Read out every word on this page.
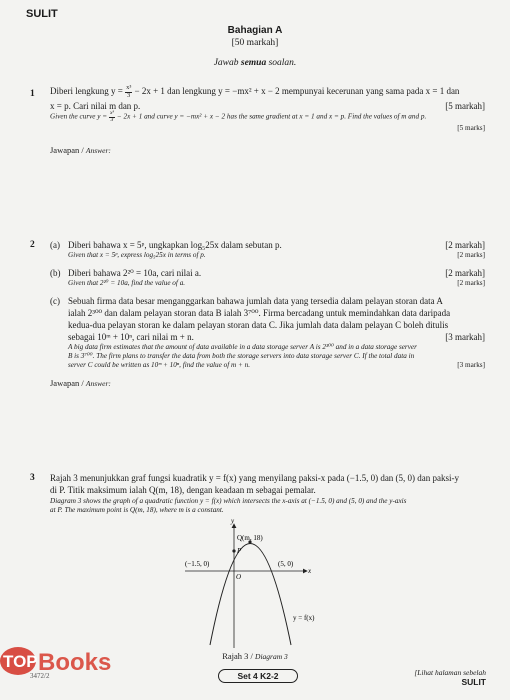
SULIT
Bahagian A
[50 markah]
Jawab semua soalan.
1 Diberi lengkung $y = \frac{\text{x³}}{3} - 2x + 1$ dan lengkung y = −mx² + x − 2 mempunyai kecerunan yang sama pada x = 1 dan
x = p. Cari nilai m dan p.	[5 markah]
Given the curve $y = \frac{\text{x³}}{3} - 2x + 1$ and curve y = −mx² + x − 2 has the same gradient at x = 1 and x = p. Find the values of m and p.
[5 marks]
Jawapan / Answer:
2 (a) Diberi bahawa x = 5ᵖ, ungkapkan log₅25x dalam sebutan p.	[2 markah]
Given that x = 5ᵖ, express log₅25x in terms of p.	[2 marks]
(b) Diberi bahawa 2²⁰ = 10a, cari nilai a.	[2 markah]
Given that 2²⁰ = 10a, find the value of a.	[2 marks]
(c) Sebuah firma data besar menganggarkan bahawa jumlah data yang tersedia dalam pelayan storan data A
ialah 2³⁰⁰ dan dalam pelayan storan data B ialah 3⁷⁰⁰. Firma bercadang untuk memindahkan data daripada
kedua-dua pelayan storan ke dalam pelayan storan data C. Jika jumlah data dalam pelayan C boleh ditulis
sebagai 10ᵐ + 10ⁿ, cari nilai m + n.	[3 markah]
A big data firm estimates that the amount of data available in a data storage server A is 2³⁰⁰ and in a data storage server
B is 3⁷⁰⁰. The firm plans to transfer the data from both the storage servers into data storage server C. If the total data in
server C could be written as 10ᵐ + 10ⁿ, find the value of m + n.	[3 marks]
Jawapan / Answer:
3 Rajah 3 menunjukkan graf fungsi kuadratik y = f(x) yang menyilang paksi-x pada (−1.5, 0) dan (5, 0) dan paksi-y
di P. Titik maksimum ialah Q(m, 18), dengan keadaan m sebagai pemalar.
Diagram 3 shows the graph of a quadratic function y = f(x) which intersects the x-axis at (−1.5, 0) and (5, 0) and the y-axis
at P. The maximum point is Q(m, 18), where m is a constant.
y
x
O
Q(m, 18)
P
(−1.5, 0)	(5, 0)
y = f(x)
Rajah 3 / Diagram 3
TOP Books
3472/2	Set 4 K2-2	[Lihat halaman sebelah
SULIT
